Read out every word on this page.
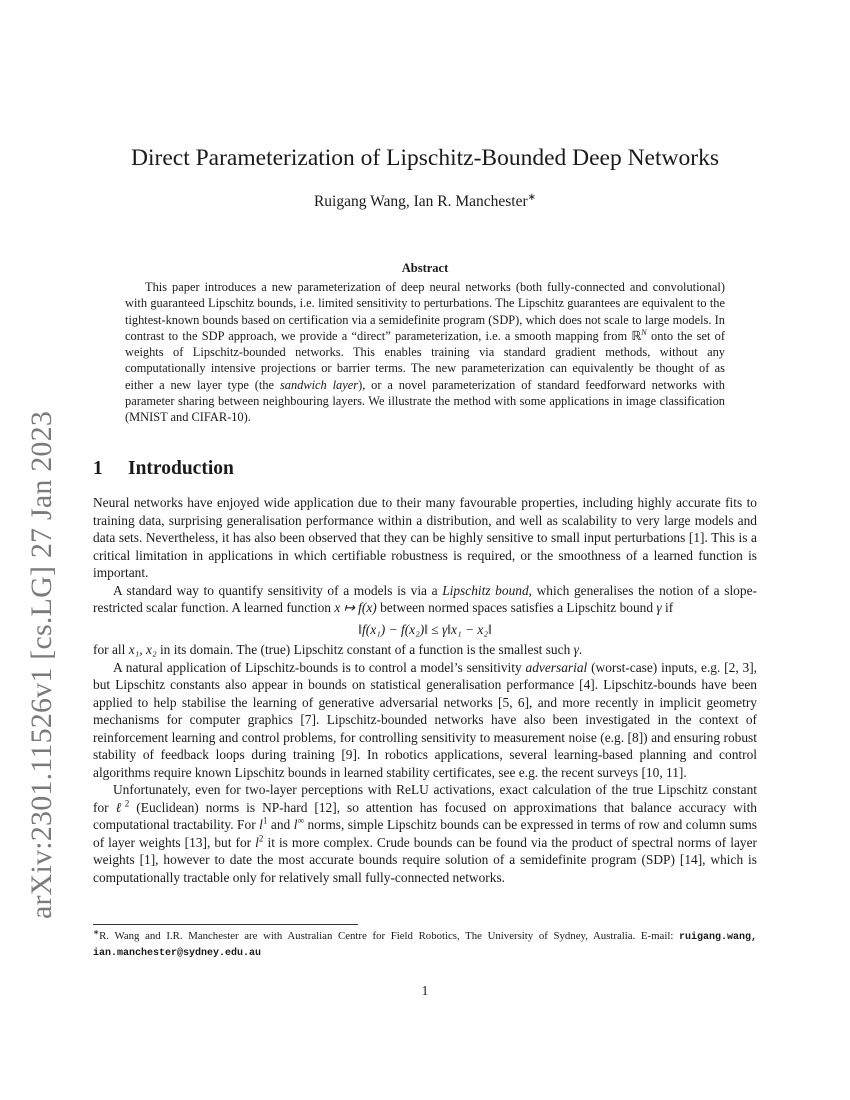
arXiv:2301.11526v1 [cs.LG] 27 Jan 2023
Direct Parameterization of Lipschitz-Bounded Deep Networks
Ruigang Wang, Ian R. Manchester∗
Abstract
This paper introduces a new parameterization of deep neural networks (both fully-connected and convolutional) with guaranteed Lipschitz bounds, i.e. limited sensitivity to perturbations. The Lipschitz guarantees are equivalent to the tightest-known bounds based on certification via a semidefinite program (SDP), which does not scale to large models. In contrast to the SDP approach, we provide a “direct” parameterization, i.e. a smooth mapping from ℝ$^N$ onto the set of weights of Lipschitz-bounded networks. This enables training via standard gradient methods, without any computationally intensive projections or barrier terms. The new parameterization can equivalently be thought of as either a new layer type (the sandwich layer), or a novel parameterization of standard feedforward networks with parameter sharing between neighbouring layers. We illustrate the method with some applications in image classification (MNIST and CIFAR-10).
1 Introduction

Neural networks have enjoyed wide application due to their many favourable properties, including highly accurate fits to training data, surprising generalisation performance within a distribution, and well as scalability to very large models and data sets. Nevertheless, it has also been observed that they can be highly sensitive to small input perturbations [1]. This is a critical limitation in applications in which certifiable robustness is required, or the smoothness of a learned function is important.

A standard way to quantify sensitivity of a models is via a Lipschitz bound, which generalises the notion of a slope-restricted scalar function. A learned function x ↦ f(x) between normed spaces satisfies a Lipschitz bound γ if

‖f(x₁) − f(x₂)‖ ≤ γ‖x₁ − x₂‖

for all x₁, x₂ in its domain. The (true) Lipschitz constant of a function is the smallest such γ.

A natural application of Lipschitz-bounds is to control a model’s sensitivity adversarial (worst-case) inputs, e.g. [2, 3], but Lipschitz constants also appear in bounds on statistical generalisation performance [4]. Lipschitz-bounds have been applied to help stabilise the learning of generative adversarial networks [5, 6], and more recently in implicit geometry mechanisms for computer graphics [7]. Lipschitz-bounded networks have also been investigated in the context of reinforcement learning and control problems, for controlling sensitivity to measurement noise (e.g. [8]) and ensuring robust stability of feedback loops during training [9]. In robotics applications, several learning-based planning and control algorithms require known Lipschitz bounds in learned stability certificates, see e.g. the recent surveys [10, 11].

Unfortunately, even for two-layer perceptions with ReLU activations, exact calculation of the true Lipschitz constant for ℓ$^2$ (Euclidean) norms is NP-hard [12], so attention has focused on approximations that balance accuracy with computational tractability. For $l^1$ and l∞ norms, simple Lipschitz bounds can be expressed in terms of row and column sums of layer weights [13], but for $l^2$ it is more complex. Crude bounds can be found via the product of spectral norms of layer weights [1], however to date the most accurate bounds require solution of a semidefinite program (SDP) [14], which is computationally tractable only for relatively small fully-connected networks.

∗R. Wang and I.R. Manchester are with Australian Centre for Field Robotics, The University of Sydney, Australia. E-mail: ruigang.wang, ian.manchester@sydney.edu.au
1
